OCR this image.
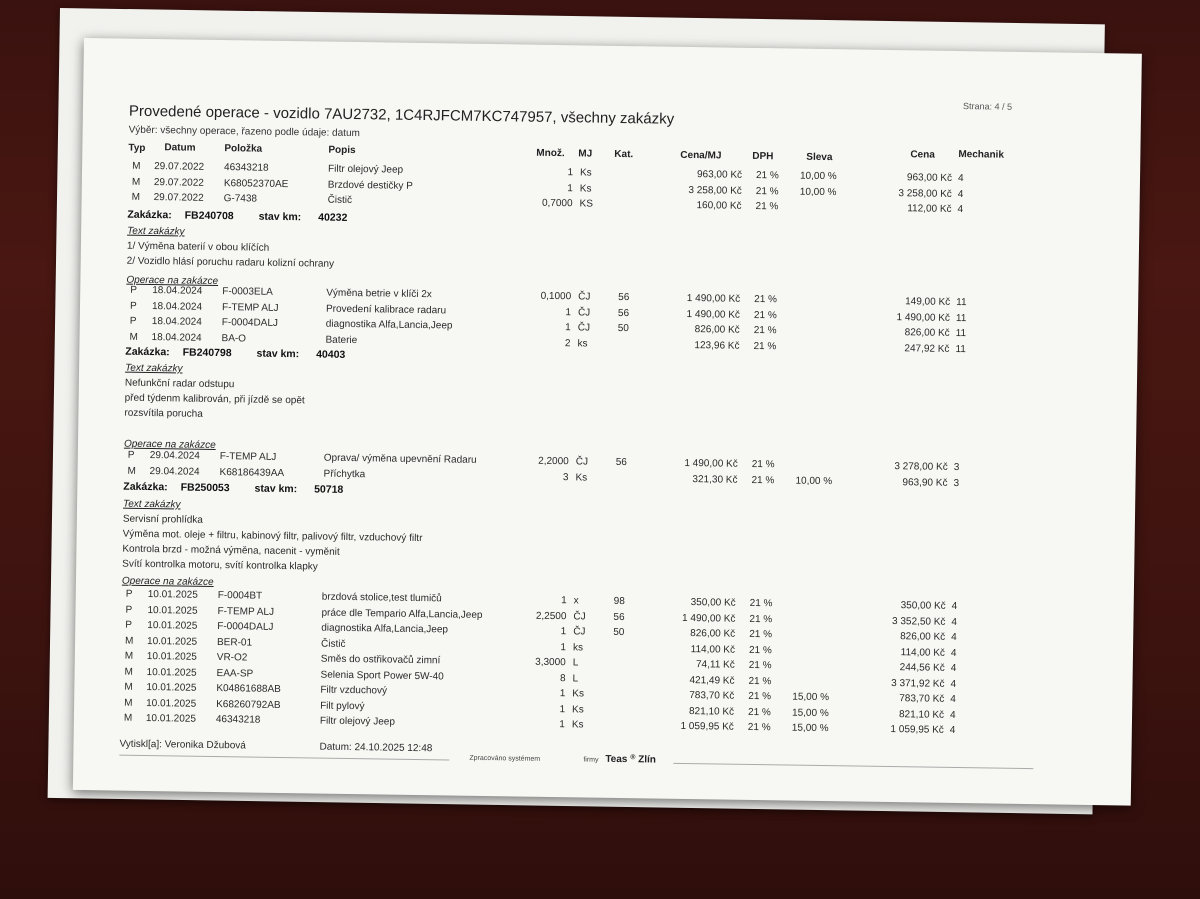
Strana: 4 / 5
Provedené operace - vozidlo 7AU2732, 1C4RJFCM7KC747957, všechny zakázky
Výběr: všechny operace, řazeno podle údaje: datum
Typ Datum	Položka	Popis	Množ. MJ Kat.	Cena/MJ	DPH	Sleva	Cena Mechanik
M	29.07.2022	46343218	Filtr olejový Jeep	1 Ks	963,00 Kč 21 %	10,00 %	963,00 Kč 4
M	29.07.2022	K68052370AE	Brzdové destičky P	1 Ks	3 258,00 Kč 21 %	10,00 %	3 258,00 Kč 4
M	29.07.2022	G-7438	Čistič	0,7000 KS	160,00 Kč 21 %	112,00 Kč 4
Zakázka: FB240708 stav km: 40232
Text zakázky
1/ Výměna baterií v obou klíčích
2/ Vozidlo hlásí poruchu radaru kolizní ochrany
Operace na zakázce
P	18.04.2024	F-0003ELA	Výměna betrie v klíči 2x	0,1000 ČJ	56	1 490,00 Kč 21 %	149,00 Kč 11
P	18.04.2024	F-TEMP ALJ	Provedení kalibrace radaru	1 ČJ	56	1 490,00 Kč 21 %	1 490,00 Kč 11
P	18.04.2024	F-0004DALJ	diagnostika Alfa,Lancia,Jeep	1 ČJ	50	826,00 Kč 21 %	826,00 Kč 11
M	18.04.2024	BA-O	Baterie	2 ks	123,96 Kč 21 %	247,92 Kč 11
Zakázka: FB240798 stav km: 40403
Text zakázky
Nefunkční radar odstupu
před týdenm kalibrován, při jízdě se opět
rozsvítila porucha
Operace na zakázce
P	29.04.2024	F-TEMP ALJ	Oprava/ výměna upevnění Radaru	2,2000 ČJ	56	1 490,00 Kč 21 %	3 278,00 Kč 3
M	29.04.2024	K68186439AA	Příchytka	3 Ks	321,30 Kč 21 %	10,00 %	963,90 Kč 3
Zakázka: FB250053 stav km: 50718
Text zakázky
Servisní prohlídka
Výměna mot. oleje + filtru, kabinový filtr, palivový filtr, vzduchový filtr
Kontrola brzd - možná výměna, nacenit - vyměnit
Svítí kontrolka motoru, svítí kontrolka klapky
Operace na zakázce
P	10.01.2025	F-0004BT	brzdová stolice,test tlumičů	1 x	98	350,00 Kč 21 %	350,00 Kč 4
P	10.01.2025	F-TEMP ALJ	práce dle Tempario Alfa,Lancia,Jeep	2,2500 ČJ	56	1 490,00 Kč 21 %	3 352,50 Kč 4
P	10.01.2025	F-0004DALJ	diagnostika Alfa,Lancia,Jeep	1 ČJ	50	826,00 Kč 21 %	826,00 Kč 4
M	10.01.2025	BER-01	Čistič	1 ks	114,00 Kč 21 %	114,00 Kč 4
M	10.01.2025	VR-O2	Směs do ostřikovačů zimní	3,3000 L	74,11 Kč 21 %	244,56 Kč 4
M	10.01.2025	EAA-SP	Selenia Sport Power 5W-40	8 L	421,49 Kč 21 %	3 371,92 Kč 4
M	10.01.2025	K04861688AB	Filtr vzduchový	1 Ks	783,70 Kč 21 %	15,00 %	783,70 Kč 4
M	10.01.2025	K68260792AB	Filt pylový	1 Ks	821,10 Kč 21 %	15,00 %	821,10 Kč 4
M	10.01.2025	46343218	Filtr olejový Jeep	1 Ks	1 059,95 Kč 21 %	15,00 %	1 059,95 Kč 4
Vytiskl[a]: Veronika Džubová	Datum: 24.10.2025 12:48
Zpracováno systémem	firmy Teas ® Zlín
